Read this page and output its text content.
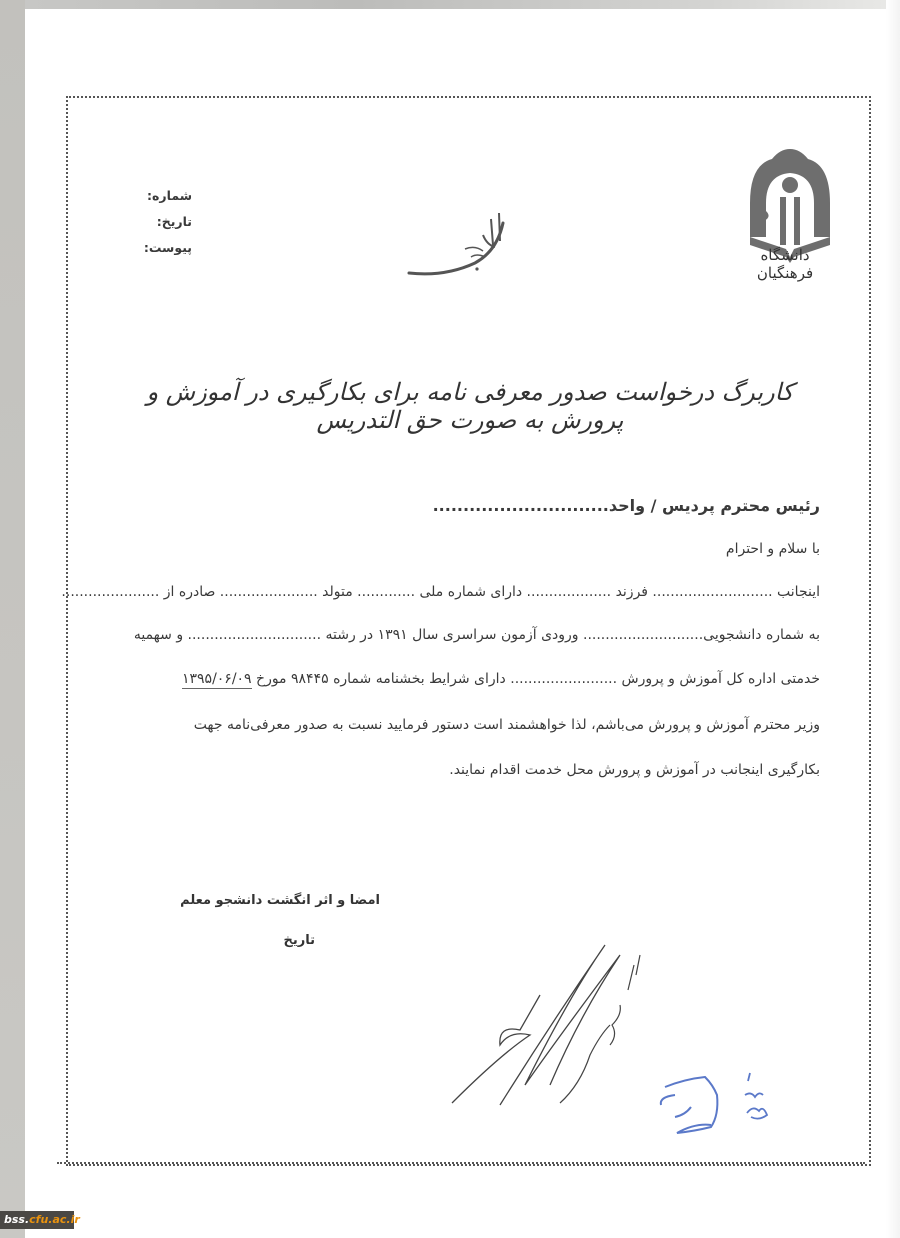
دانشگاه فرهنگیان
شماره:
تاریخ:
پیوست:
کاربرگ درخواست صدور معرفی نامه برای بکارگیری در آموزش و پرورش به صورت حق التدریس
رئیس محترم پردیس / واحد.............................
با سلام و احترام
اینجانب ........................... فرزند ................... دارای شماره ملی ............. متولد ...................... صادره از ......................
به شماره دانشجویی........................... ورودی آزمون سراسری سال ۱۳۹۱ در رشته .............................. و سهمیه
خدمتی اداره کل آموزش و پرورش ........................ دارای شرایط بخشنامه شماره ۹۸۴۴۵ مورخ ۱۳۹۵/۰۶/۰۹
وزیر محترم آموزش و پرورش می‌باشم، لذا خواهشمند است دستور فرمایید نسبت به صدور معرفی‌نامه جهت
بکارگیری اینجانب در آموزش و پرورش محل خدمت اقدام نمایند.
امضا و اثر انگشت دانشجو معلم
تاریخ
bss.cfu.ac.ir
